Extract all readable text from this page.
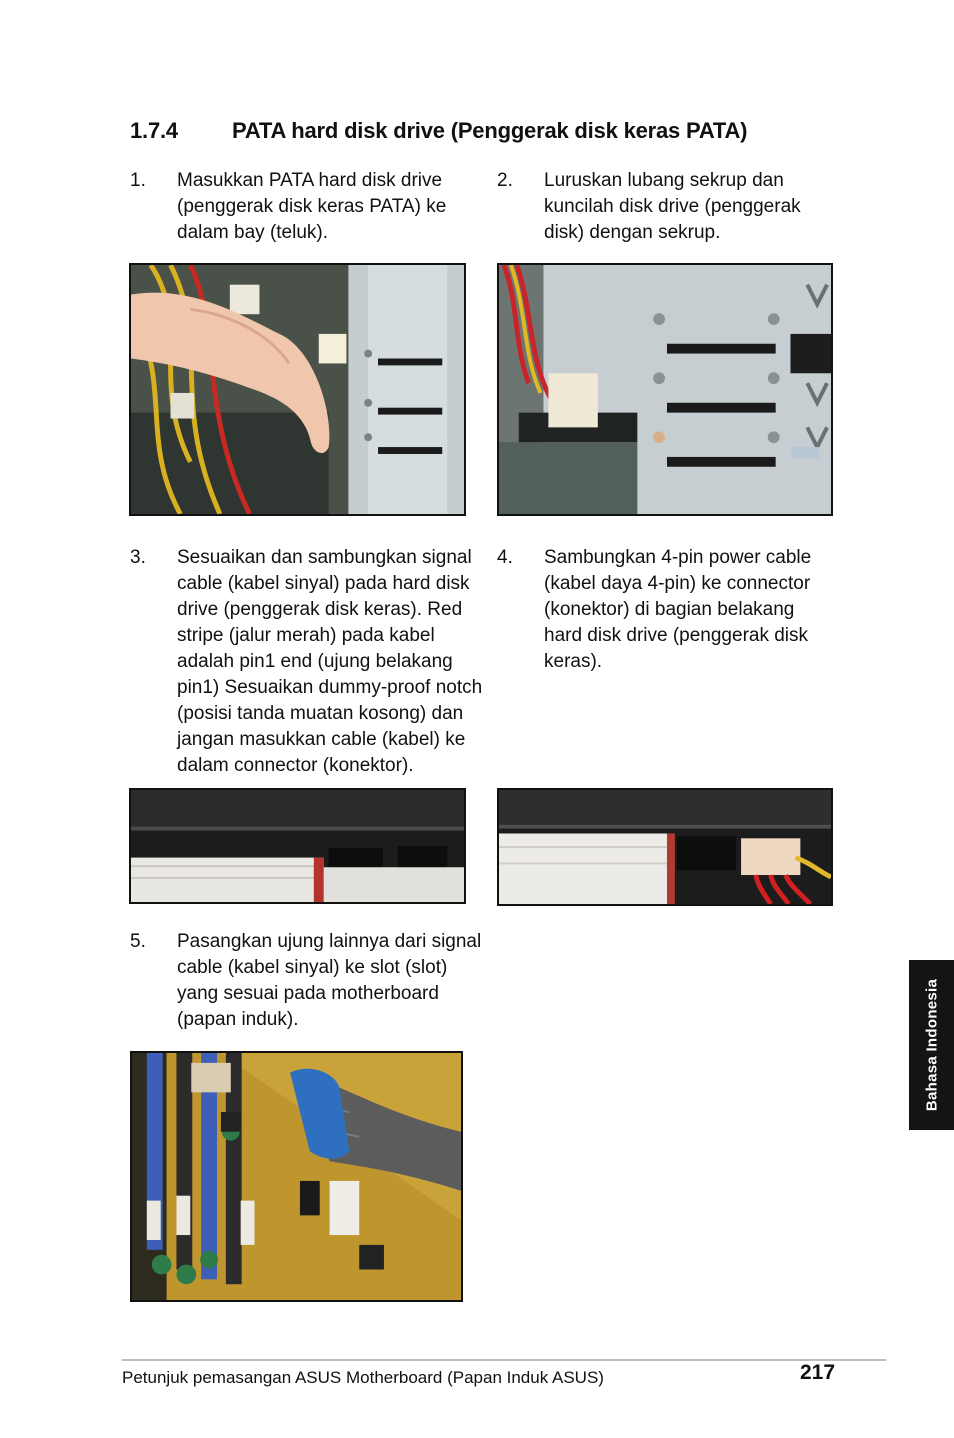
1.7.4 PATA hard disk drive (Penggerak disk keras PATA)
1. Masukkan PATA hard disk drive
(penggerak disk keras PATA) ke
dalam bay (teluk).
2. Luruskan lubang sekrup dan
kuncilah disk drive (penggerak
disk) dengan sekrup.
3. Sesuaikan dan sambungkan signal
cable (kabel sinyal) pada hard disk
drive (penggerak disk keras). Red
stripe (jalur merah) pada kabel
adalah pin1 end (ujung belakang
pin1) Sesuaikan dummy-proof notch
(posisi tanda muatan kosong) dan
jangan masukkan cable (kabel) ke
dalam connector (konektor).
4. Sambungkan 4-pin power cable
(kabel daya 4-pin) ke connector
(konektor) di bagian belakang
hard disk drive (penggerak disk
keras).
5. Pasangkan ujung lainnya dari signal
cable (kabel sinyal) ke slot (slot)
yang sesuai pada motherboard
(papan induk).	Bahasa Indonesia
Petunjuk pemasangan ASUS Motherboard (Papan Induk ASUS)	217
